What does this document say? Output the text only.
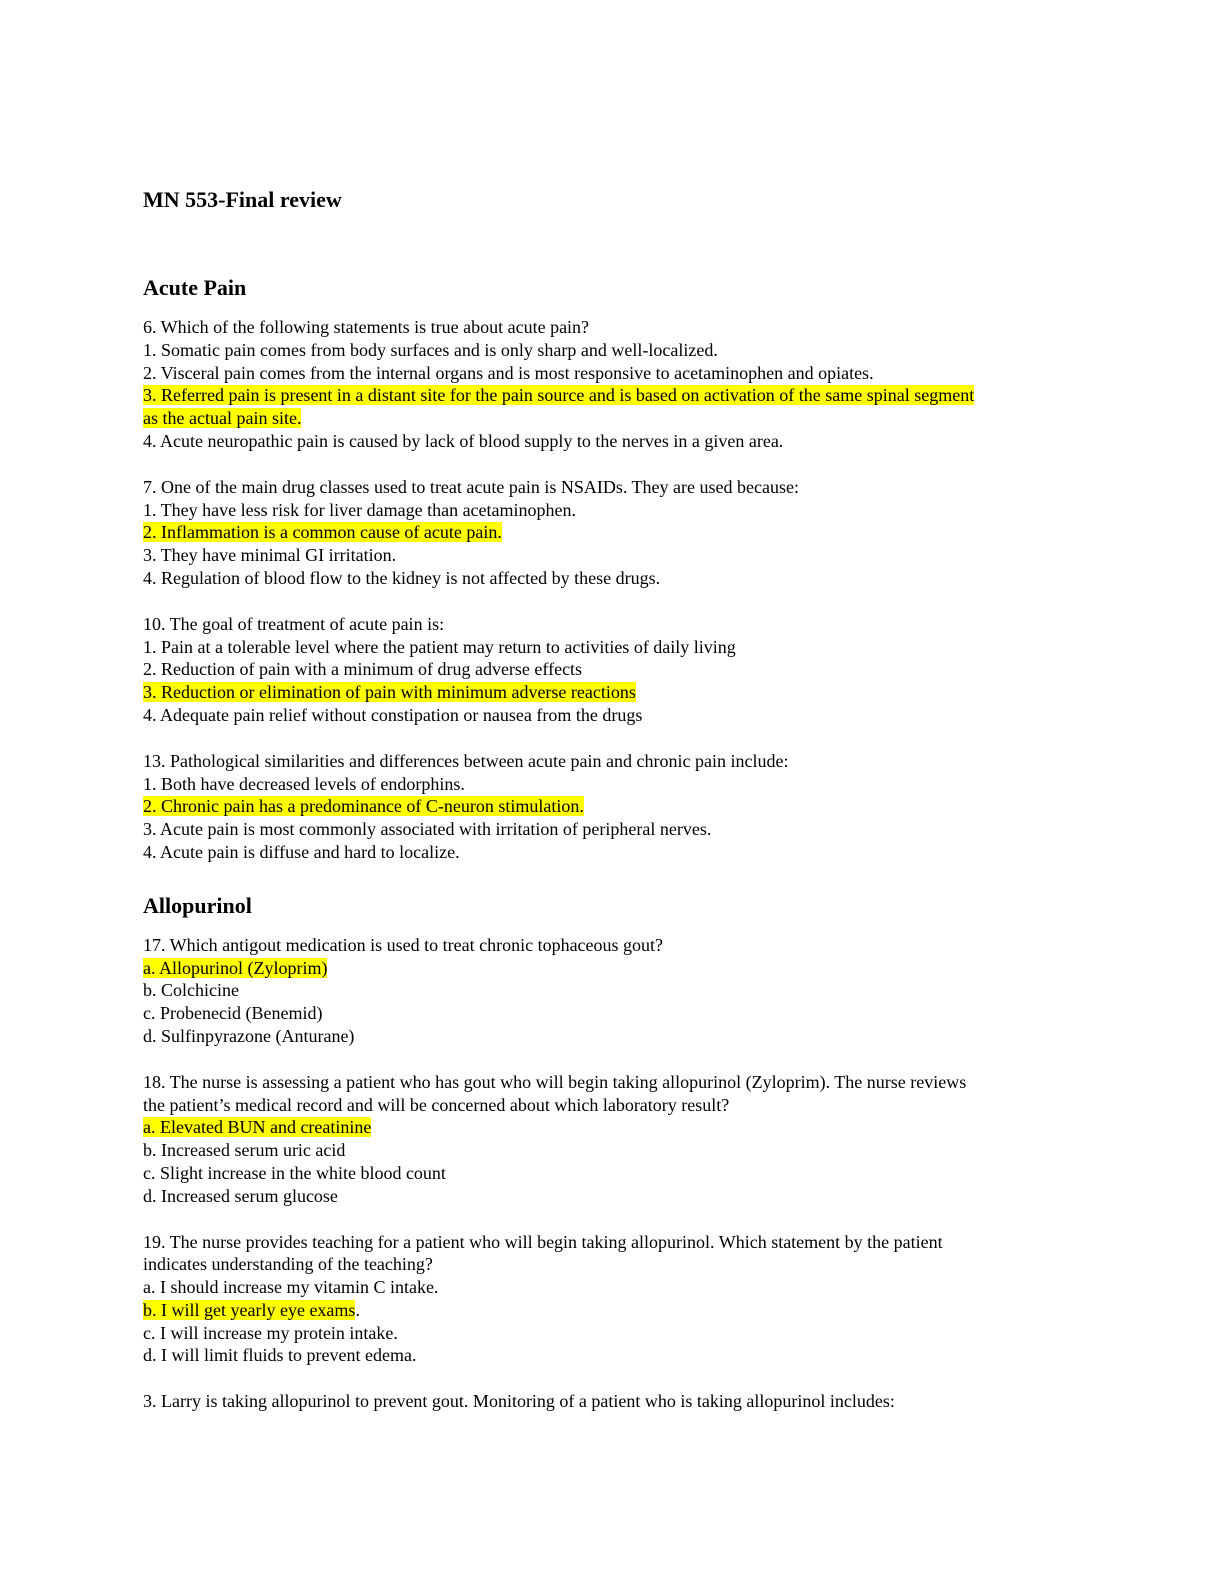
MN 553-Final review
Acute Pain

6. Which of the following statements is true about acute pain?

1. Somatic pain comes from body surfaces and is only sharp and well-localized.

2. Visceral pain comes from the internal organs and is most responsive to acetaminophen and opiates.

3. Referred pain is present in a distant site for the pain source and is based on activation of the same spinal segment

as the actual pain site.

4. Acute neuropathic pain is caused by lack of blood supply to the nerves in a given area.

7. One of the main drug classes used to treat acute pain is NSAIDs. They are used because:

1. They have less risk for liver damage than acetaminophen.

2. Inflammation is a common cause of acute pain.

3. They have minimal GI irritation.

4. Regulation of blood flow to the kidney is not affected by these drugs.

10. The goal of treatment of acute pain is:

1. Pain at a tolerable level where the patient may return to activities of daily living

2. Reduction of pain with a minimum of drug adverse effects

3. Reduction or elimination of pain with minimum adverse reactions

4. Adequate pain relief without constipation or nausea from the drugs

13. Pathological similarities and differences between acute pain and chronic pain include:

1. Both have decreased levels of endorphins.

2. Chronic pain has a predominance of C-neuron stimulation.

3. Acute pain is most commonly associated with irritation of peripheral nerves.

4. Acute pain is diffuse and hard to localize.

Allopurinol

17. Which antigout medication is used to treat chronic tophaceous gout?

a. Allopurinol (Zyloprim)

b. Colchicine

c. Probenecid (Benemid)

d. Sulfinpyrazone (Anturane)

18. The nurse is assessing a patient who has gout who will begin taking allopurinol (Zyloprim). The nurse reviews

the patient’s medical record and will be concerned about which laboratory result?

a. Elevated BUN and creatinine

b. Increased serum uric acid

c. Slight increase in the white blood count

d. Increased serum glucose

19. The nurse provides teaching for a patient who will begin taking allopurinol. Which statement by the patient

indicates understanding of the teaching?

a. I should increase my vitamin C intake.

b. I will get yearly eye exams.

c. I will increase my protein intake.

d. I will limit fluids to prevent edema.

3. Larry is taking allopurinol to prevent gout. Monitoring of a patient who is taking allopurinol includes:
